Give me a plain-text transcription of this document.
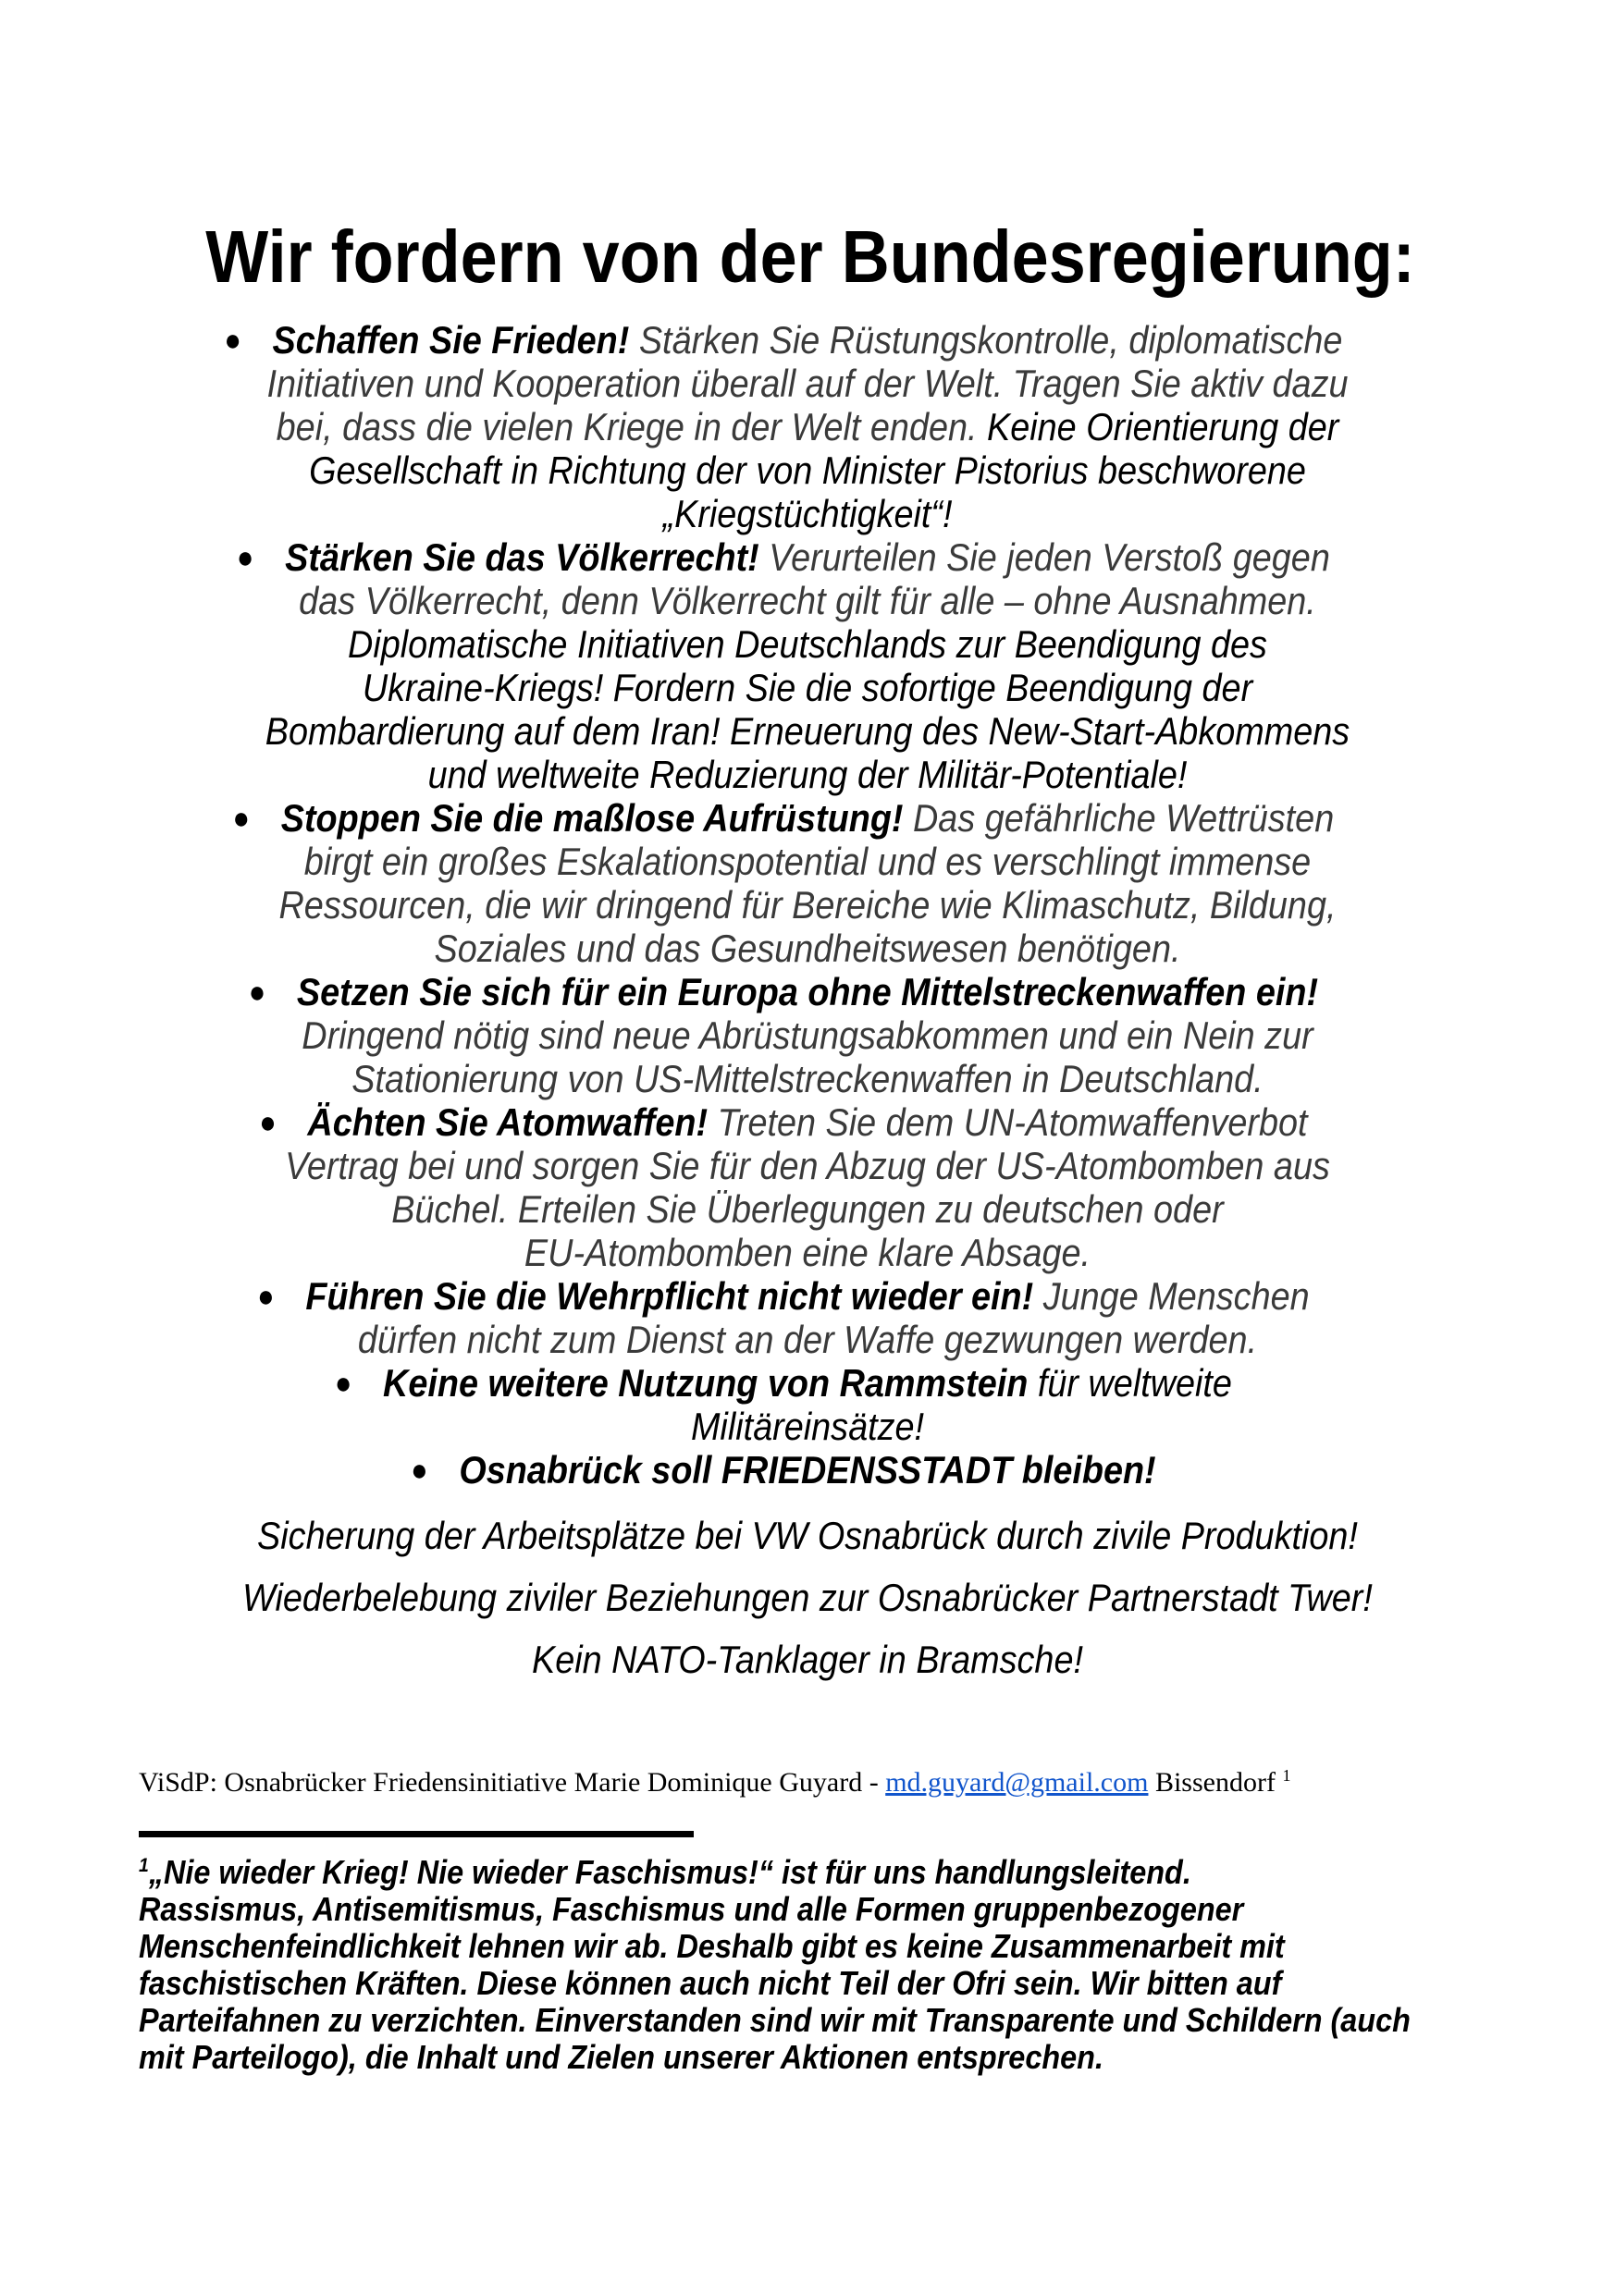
Wir fordern von der Bundesregierung:
● Schaffen Sie Frieden! Stärken Sie Rüstungskontrolle, diplomatische
Initiativen und Kooperation überall auf der Welt. Tragen Sie aktiv dazu
bei, dass die vielen Kriege in der Welt enden. Keine Orientierung der
Gesellschaft in Richtung der von Minister Pistorius beschworene
„Kriegstüchtigkeit“!
● Stärken Sie das Völkerrecht! Verurteilen Sie jeden Verstoß gegen
das Völkerrecht, denn Völkerrecht gilt für alle – ohne Ausnahmen.
Diplomatische Initiativen Deutschlands zur Beendigung des
Ukraine-Kriegs! Fordern Sie die sofortige Beendigung der
Bombardierung auf dem Iran! Erneuerung des New-Start-Abkommens
und weltweite Reduzierung der Militär-Potentiale!
● Stoppen Sie die maßlose Aufrüstung! Das gefährliche Wettrüsten
birgt ein großes Eskalationspotential und es verschlingt immense
Ressourcen, die wir dringend für Bereiche wie Klimaschutz, Bildung,
Soziales und das Gesundheitswesen benötigen.
● Setzen Sie sich für ein Europa ohne Mittelstreckenwaffen ein!
Dringend nötig sind neue Abrüstungsabkommen und ein Nein zur
Stationierung von US-Mittelstreckenwaffen in Deutschland.
● Ächten Sie Atomwaffen! Treten Sie dem UN-Atomwaffenverbot
Vertrag bei und sorgen Sie für den Abzug der US-Atombomben aus
Büchel. Erteilen Sie Überlegungen zu deutschen oder
EU-Atombomben eine klare Absage.
● Führen Sie die Wehrpflicht nicht wieder ein! Junge Menschen
dürfen nicht zum Dienst an der Waffe gezwungen werden.
● Keine weitere Nutzung von Rammstein für weltweite
Militäreinsätze!
● Osnabrück soll FRIEDENSSTADT bleiben!
Sicherung der Arbeitsplätze bei VW Osnabrück durch zivile Produktion!
Wiederbelebung ziviler Beziehungen zur Osnabrücker Partnerstadt Twer!
Kein NATO-Tanklager in Bramsche!
ViSdP: Osnabrücker Friedensinitiative Marie Dominique Guyard - md.guyard@gmail.com Bissendorf $^1$
$^1$„Nie wieder Krieg! Nie wieder Faschismus!“ ist für uns handlungsleitend.
Rassismus, Antisemitismus, Faschismus und alle Formen gruppenbezogener
Menschenfeindlichkeit lehnen wir ab. Deshalb gibt es keine Zusammenarbeit mit
faschistischen Kräften. Diese können auch nicht Teil der Ofri sein. Wir bitten auf
Parteifahnen zu verzichten. Einverstanden sind wir mit Transparente und Schildern (auch
mit Parteilogo), die Inhalt und Zielen unserer Aktionen entsprechen.
